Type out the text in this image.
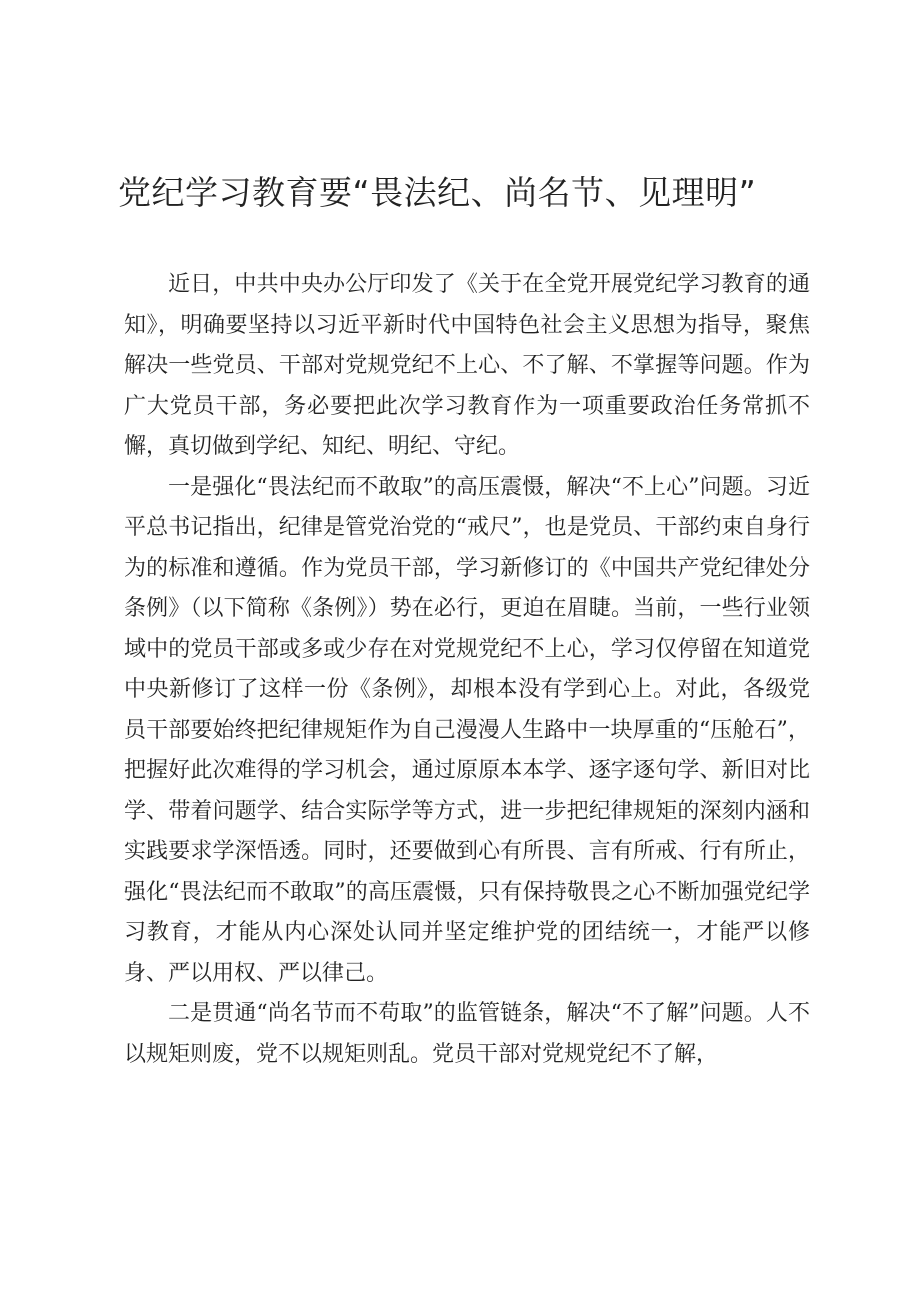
党纪学习教育要“畏法纪、尚名节、见理明”

近日，中共中央办公厅印发了《关于在全党开展党纪学习教育的通知》，明确要坚持以习近平新时代中国特色社会主义思想为指导，聚焦解决一些党员、干部对党规党纪不上心、不了解、不掌握等问题。作为广大党员干部，务必要把此次学习教育作为一项重要政治任务常抓不懈，真切做到学纪、知纪、明纪、守纪。

一是强化“畏法纪而不敢取”的高压震慑，解决“不上心”问题。习近平总书记指出，纪律是管党治党的“戒尺”，也是党员、干部约束自身行为的标准和遵循。作为党员干部，学习新修订的《中国共产党纪律处分条例》（以下简称《条例》）势在必行，更迫在眉睫。当前，一些行业领域中的党员干部或多或少存在对党规党纪不上心，学习仅停留在知道党中央新修订了这样一份《条例》，却根本没有学到心上。对此，各级党员干部要始终把纪律规矩作为自己漫漫人生路中一块厚重的“压舱石”，把握好此次难得的学习机会，通过原原本本学、逐字逐句学、新旧对比学、带着问题学、结合实际学等方式，进一步把纪律规矩的深刻内涵和实践要求学深悟透。同时，还要做到心有所畏、言有所戒、行有所止，强化“畏法纪而不敢取”的高压震慑，只有保持敬畏之心不断加强党纪学习教育，才能从内心深处认同并坚定维护党的团结统一，才能严以修身、严以用权、严以律己。

二是贯通“尚名节而不苟取”的监管链条，解决“不了解”问题。人不以规矩则废，党不以规矩则乱。党员干部对党规党纪不了解，
